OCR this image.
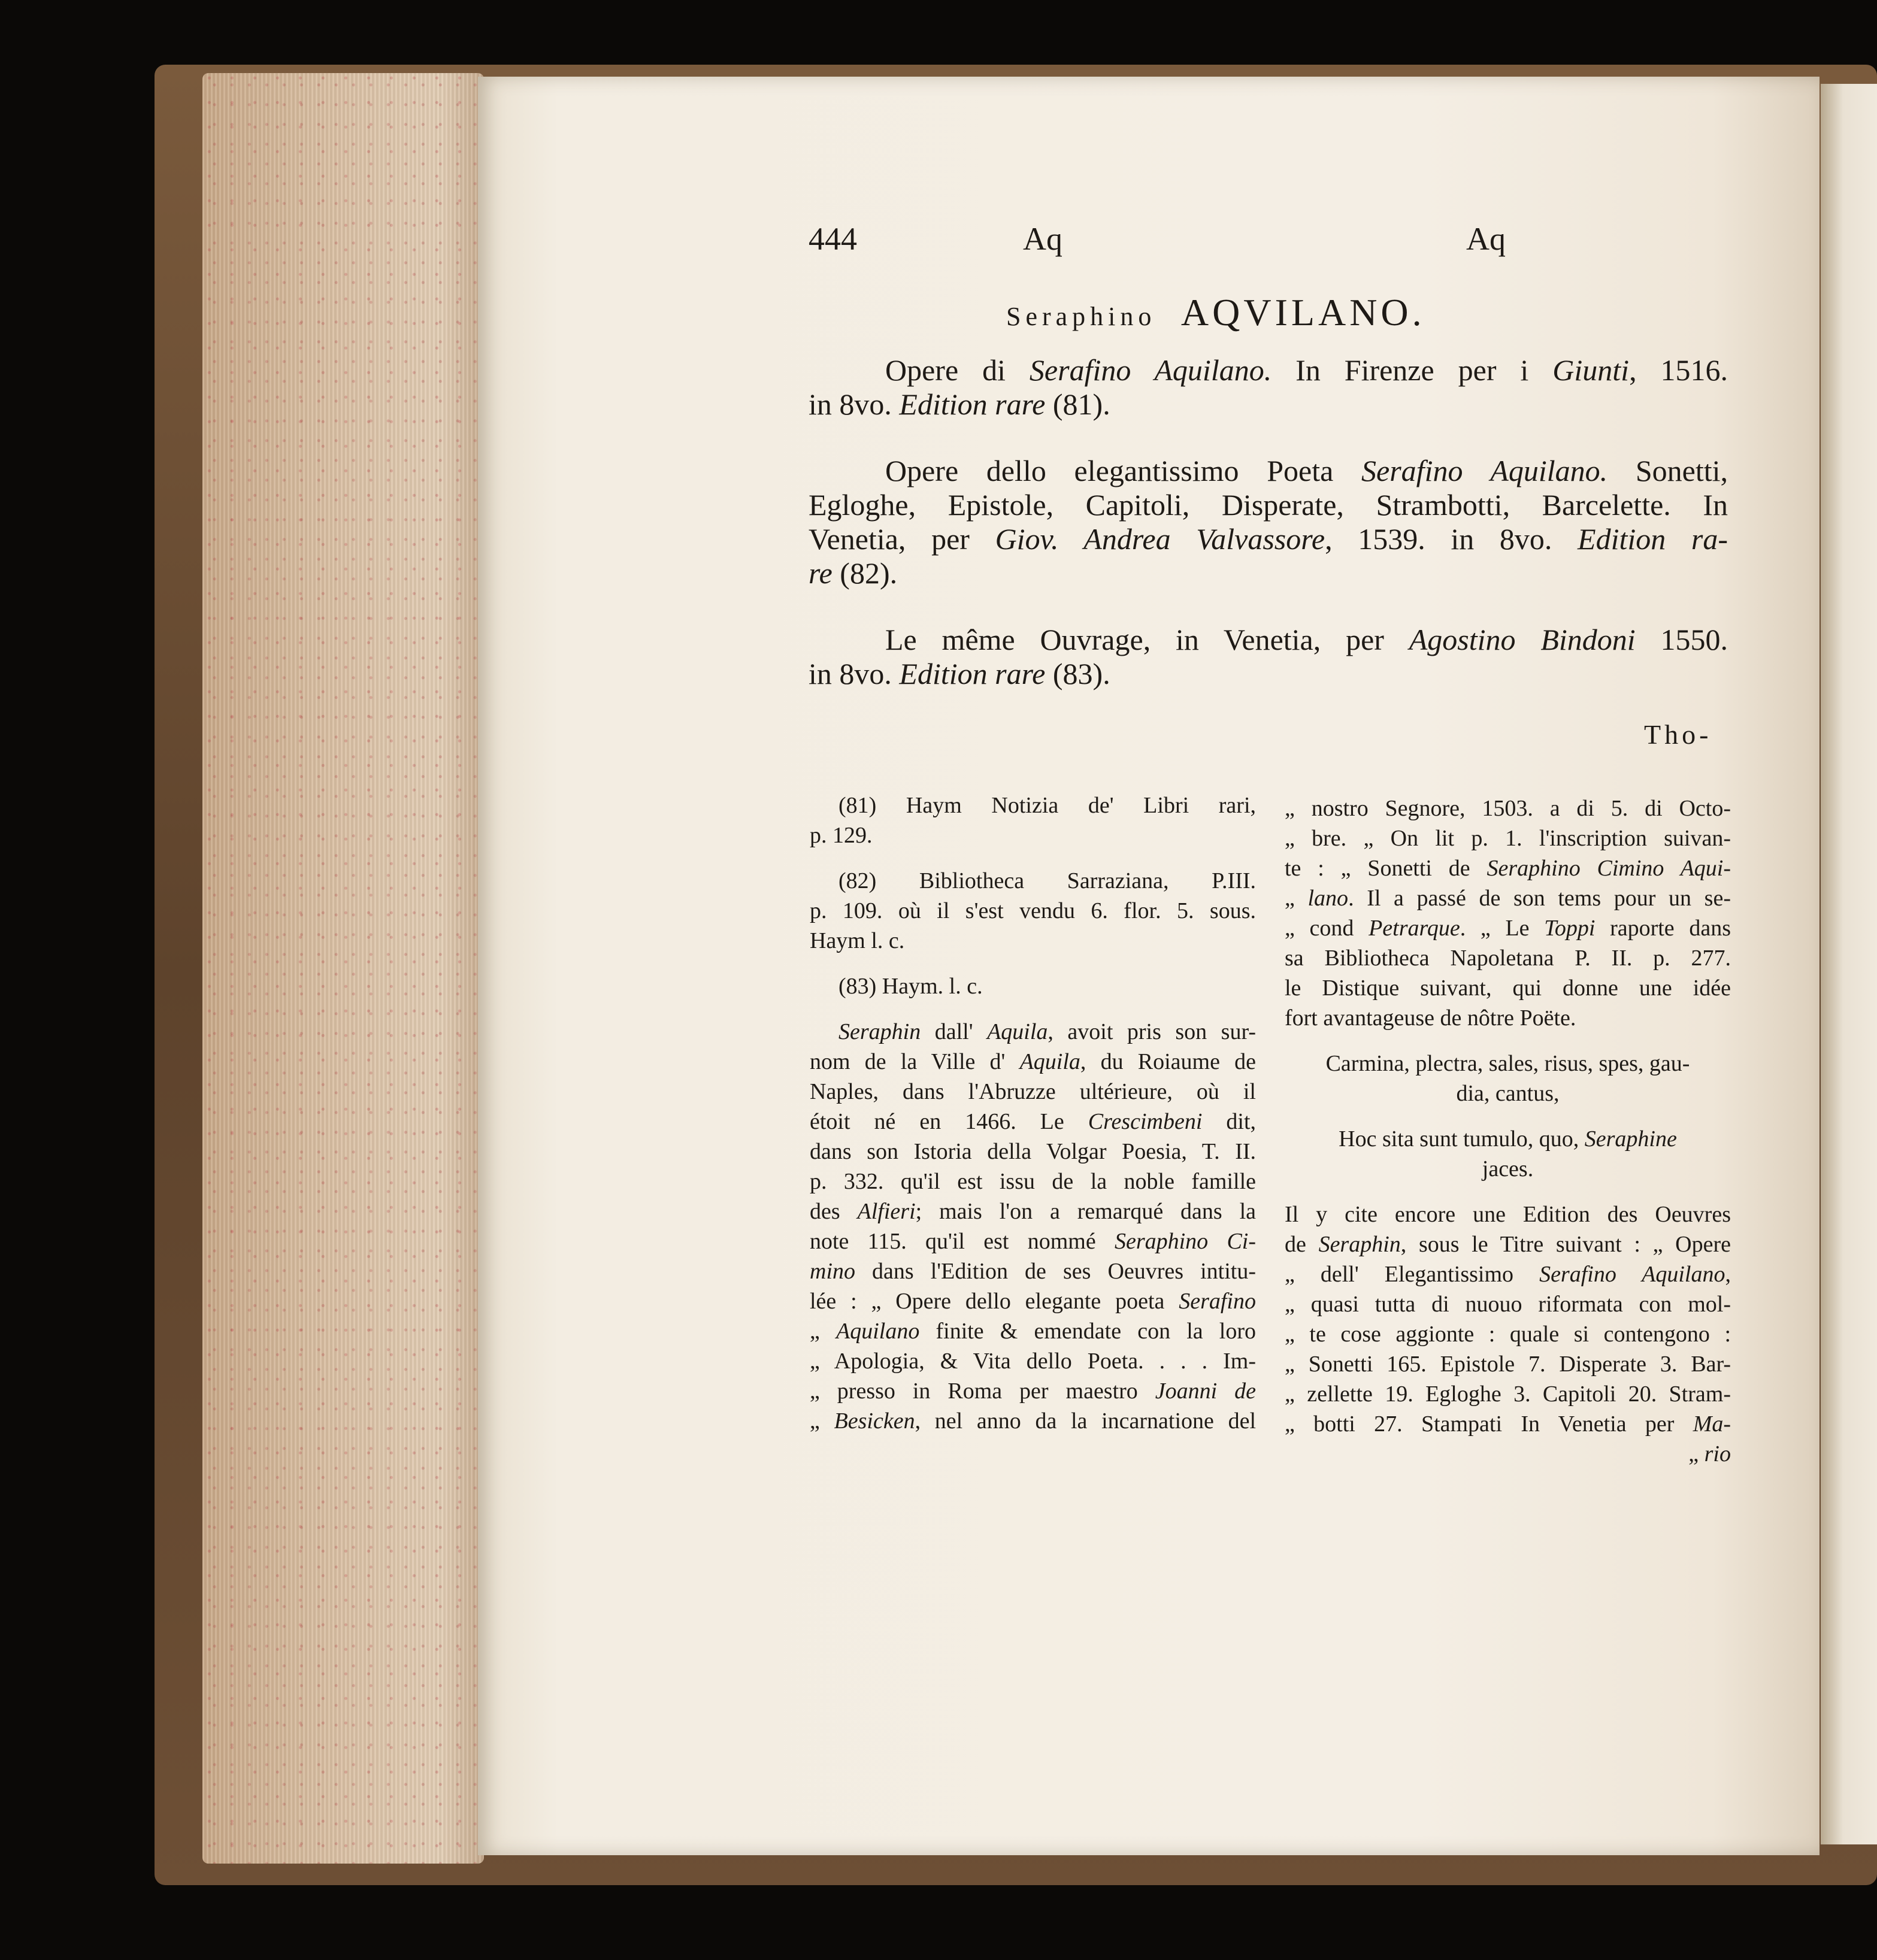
444	Aq	Aq
Seraphino AQVILANO.
Opere di Serafino Aquilano. In Firenze per i Giunti, 1516.
in 8vo. Edition rare (81).
Opere dello elegantissimo Poeta Serafino Aquilano. Sonetti,
Egloghe, Epistole, Capitoli, Disperate, Strambotti, Barcelette. In
Venetia, per Giov. Andrea Valvassore, 1539. in 8vo. Edition ra-
re (82).
Le même Ouvrage, in Venetia, per Agostino Bindoni 1550.
in 8vo. Edition rare (83).
Tho-
(81) Haym Notizia de' Libri rari,
p. 129.
(82) Bibliotheca Sarraziana, P.III.
p. 109. où il s'est vendu 6. flor. 5. sous.
Haym l. c.
(83) Haym. l. c.
Seraphin dall' Aquila, avoit pris son sur-
nom de la Ville d' Aquila, du Roiaume de
Naples, dans l'Abruzze ultérieure, où il
étoit né en 1466. Le Crescimbeni dit,
dans son Istoria della Volgar Poesia, T. II.
p. 332. qu'il est issu de la noble famille
des Alfieri; mais l'on a remarqué dans la
note 115. qu'il est nommé Seraphino Ci-
mino dans l'Edition de ses Oeuvres intitu-
lée : „ Opere dello elegante poeta Serafino
„ Aquilano finite & emendate con la loro
„ Apologia, & Vita dello Poeta. . . . Im-
„ presso in Roma per maestro Joanni de
„ Besicken, nel anno da la incarnatione del
„ nostro Segnore, 1503. a di 5. di Octo-
„ bre. „ On lit p. 1. l'inscription suivan-
te : „ Sonetti de Seraphino Cimino Aqui-
„ lano. Il a passé de son tems pour un se-
„ cond Petrarque. „ Le Toppi raporte dans
sa Bibliotheca Napoletana P. II. p. 277.
le Distique suivant, qui donne une idée
fort avantageuse de nôtre Poëte.
Carmina, plectra, sales, risus, spes, gau-
dia, cantus,
Hoc sita sunt tumulo, quo, Seraphine
jaces.
Il y cite encore une Edition des Oeuvres
de Seraphin, sous le Titre suivant : „ Opere
„ dell' Elegantissimo Serafino Aquilano,
„ quasi tutta di nuouo riformata con mol-
„ te cose aggionte : quale si contengono :
„ Sonetti 165. Epistole 7. Disperate 3. Bar-
„ zellette 19. Egloghe 3. Capitoli 20. Stram-
„ botti 27. Stampati In Venetia per Ma-
„ rio
